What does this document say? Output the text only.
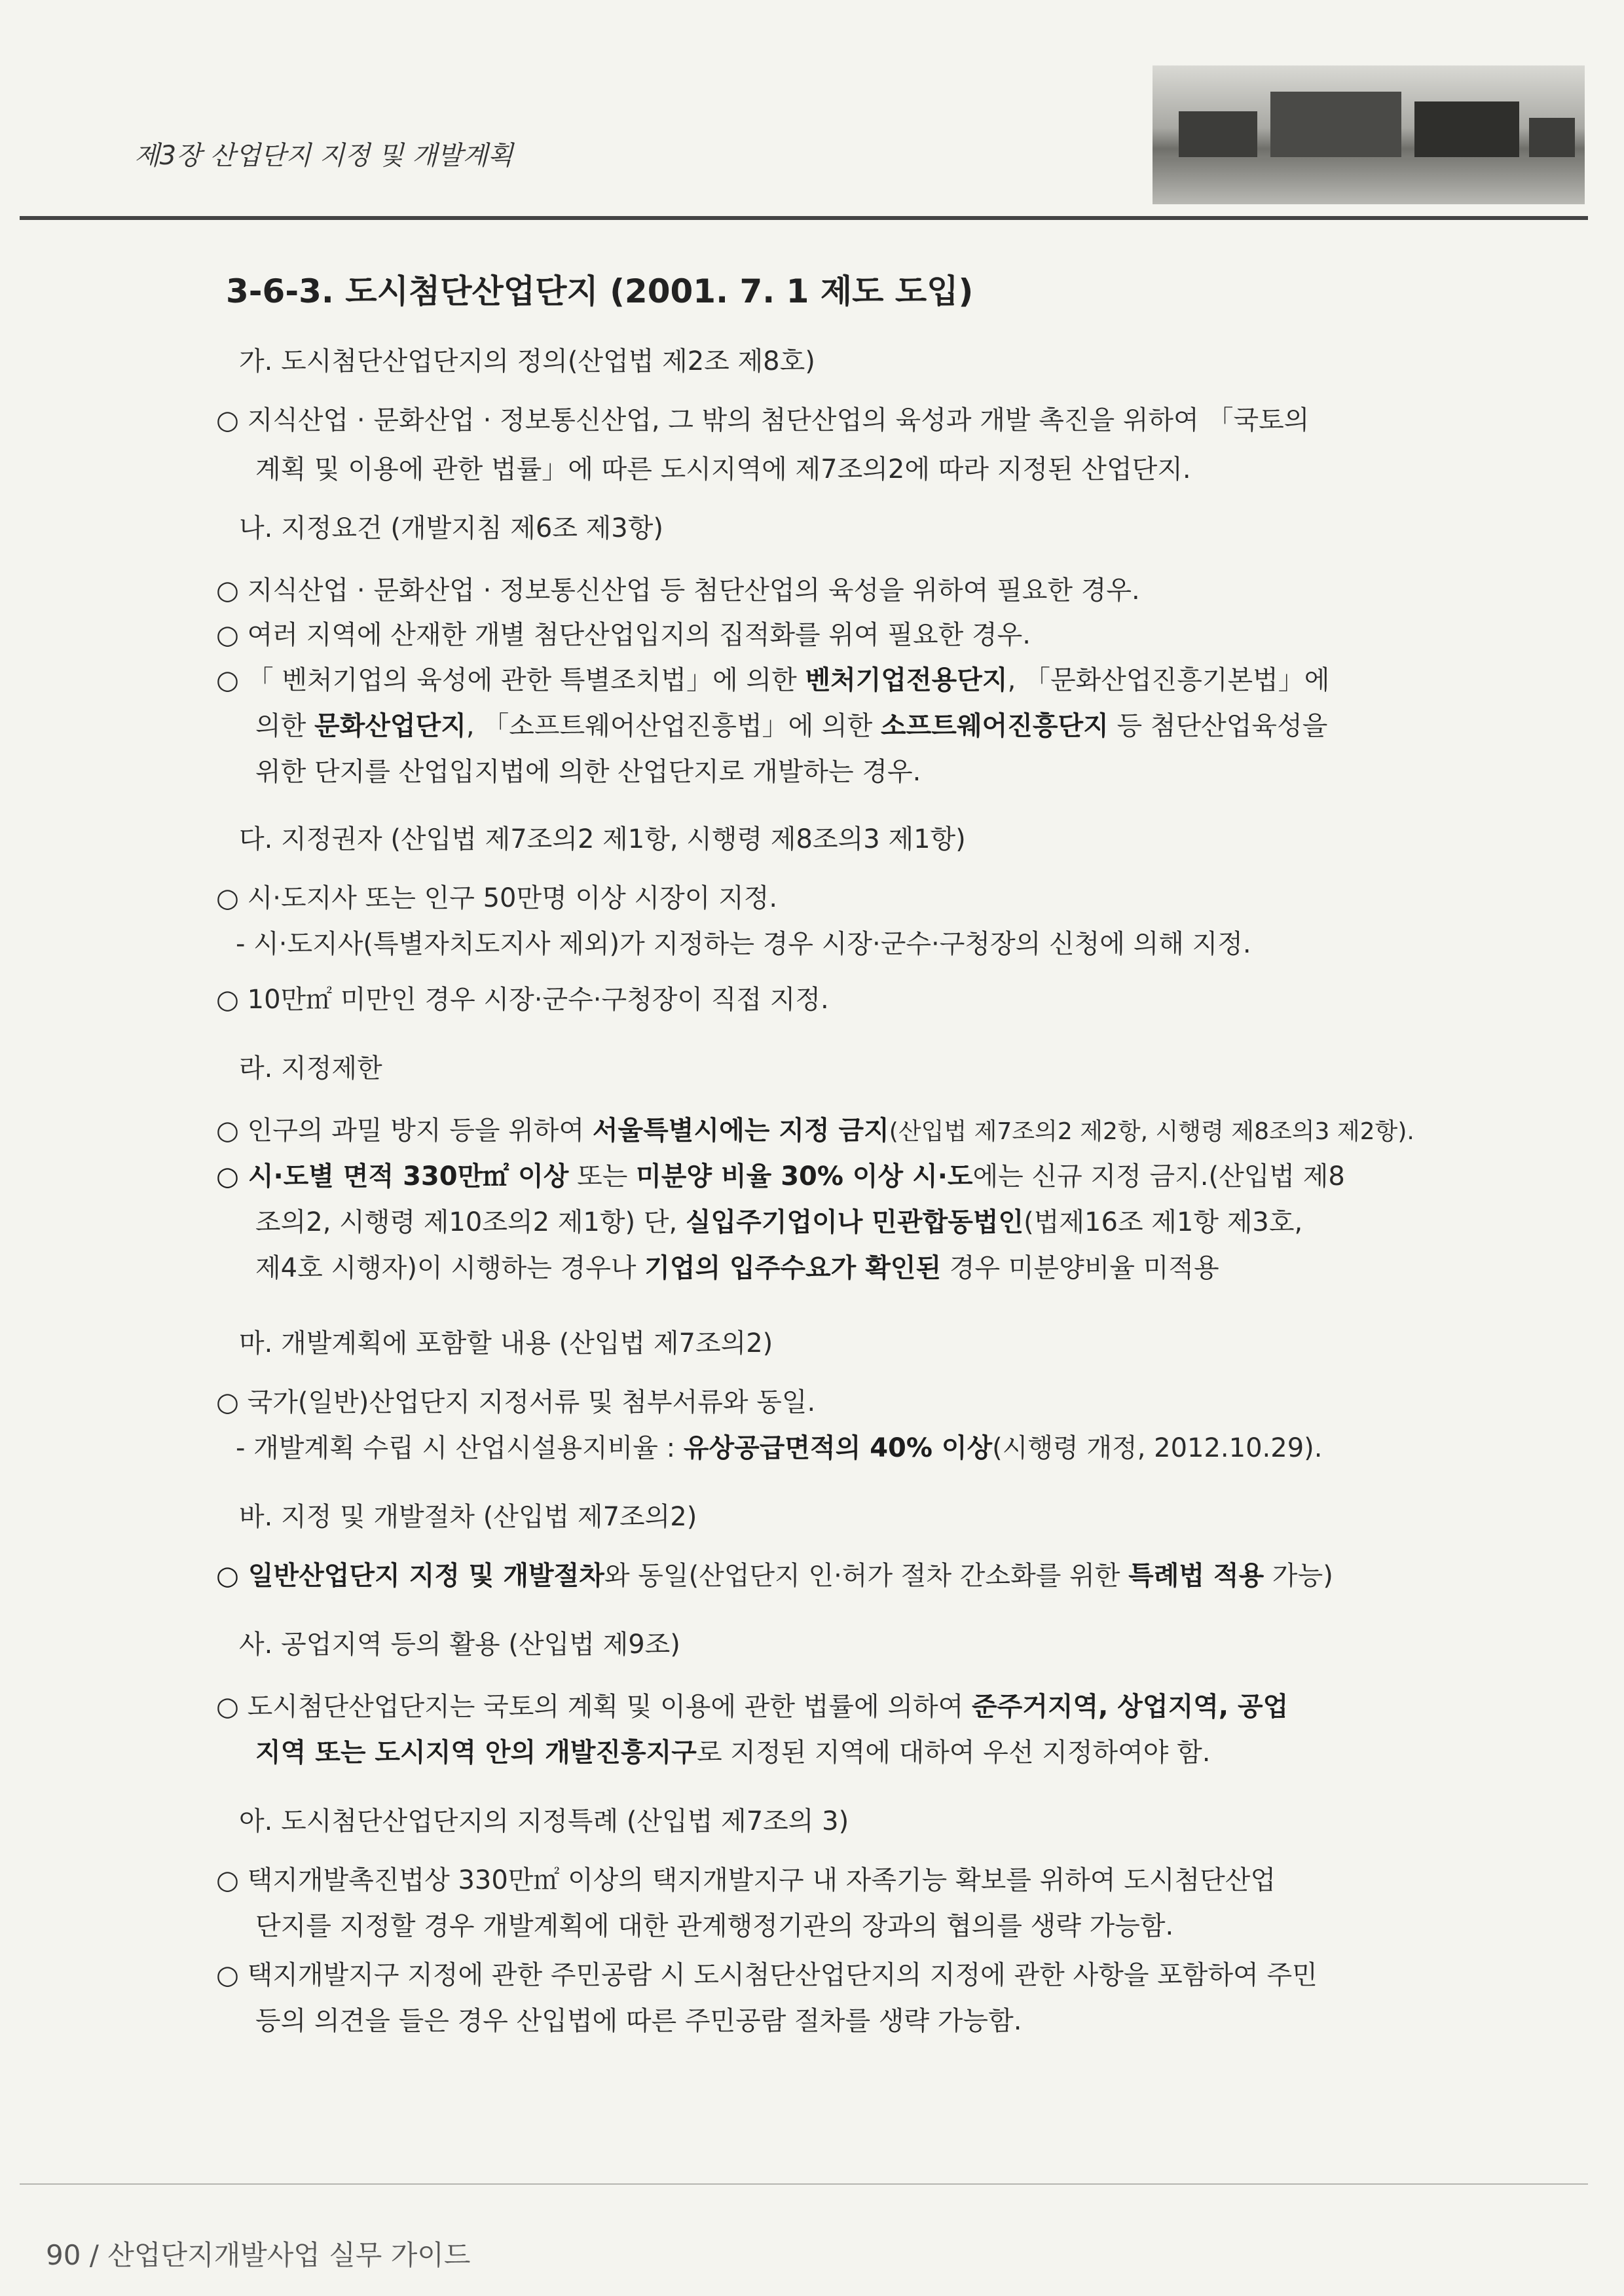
제3장 산업단지 지정 및 개발계획
3-6-3. 도시첨단산업단지 (2001. 7. 1 제도 도입)
가. 도시첨단산업단지의 정의(산업법 제2조 제8호)
○ 지식산업 · 문화산업 · 정보통신산업, 그 밖의 첨단산업의 육성과 개발 촉진을 위하여 「국토의
계획 및 이용에 관한 법률」에 따른 도시지역에 제7조의2에 따라 지정된 산업단지.
나. 지정요건 (개발지침 제6조 제3항)
○ 지식산업 · 문화산업 · 정보통신산업 등 첨단산업의 육성을 위하여 필요한 경우.
○ 여러 지역에 산재한 개별 첨단산업입지의 집적화를 위여 필요한 경우.
○ 「 벤처기업의 육성에 관한 특별조치법」에 의한 벤처기업전용단지, 「문화산업진흥기본법」에
의한 문화산업단지, 「소프트웨어산업진흥법」에 의한 소프트웨어진흥단지 등 첨단산업육성을
위한 단지를 산업입지법에 의한 산업단지로 개발하는 경우.
다. 지정권자 (산입법 제7조의2 제1항, 시행령 제8조의3 제1항)
○ 시·도지사 또는 인구 50만명 이상 시장이 지정.
- 시·도지사(특별자치도지사 제외)가 지정하는 경우 시장·군수·구청장의 신청에 의해 지정.
○ 10만㎡ 미만인 경우 시장·군수·구청장이 직접 지정.
라. 지정제한
○ 인구의 과밀 방지 등을 위하여 서울특별시에는 지정 금지(산입법 제7조의2 제2항, 시행령 제8조의3 제2항).
○ 시·도별 면적 330만㎡ 이상 또는 미분양 비율 30% 이상 시·도에는 신규 지정 금지.(산입법 제8
조의2, 시행령 제10조의2 제1항) 단, 실입주기업이나 민관합동법인(법제16조 제1항 제3호,
제4호 시행자)이 시행하는 경우나 기업의 입주수요가 확인된 경우 미분양비율 미적용
마. 개발계획에 포함할 내용 (산입법 제7조의2)
○ 국가(일반)산업단지 지정서류 및 첨부서류와 동일.
- 개발계획 수립 시 산업시설용지비율 : 유상공급면적의 40% 이상(시행령 개정, 2012.10.29).
바. 지정 및 개발절차 (산입법 제7조의2)
○ 일반산업단지 지정 및 개발절차와 동일(산업단지 인·허가 절차 간소화를 위한 특례법 적용 가능)
사. 공업지역 등의 활용 (산입법 제9조)
○ 도시첨단산업단지는 국토의 계획 및 이용에 관한 법률에 의하여 준주거지역, 상업지역, 공업
지역 또는 도시지역 안의 개발진흥지구로 지정된 지역에 대하여 우선 지정하여야 함.
아. 도시첨단산업단지의 지정특례 (산입법 제7조의 3)
○ 택지개발촉진법상 330만㎡ 이상의 택지개발지구 내 자족기능 확보를 위하여 도시첨단산업
단지를 지정할 경우 개발계획에 대한 관계행정기관의 장과의 협의를 생략 가능함.
○ 택지개발지구 지정에 관한 주민공람 시 도시첨단산업단지의 지정에 관한 사항을 포함하여 주민
등의 의견을 들은 경우 산입법에 따른 주민공람 절차를 생략 가능함.
90 / 산업단지개발사업 실무 가이드
